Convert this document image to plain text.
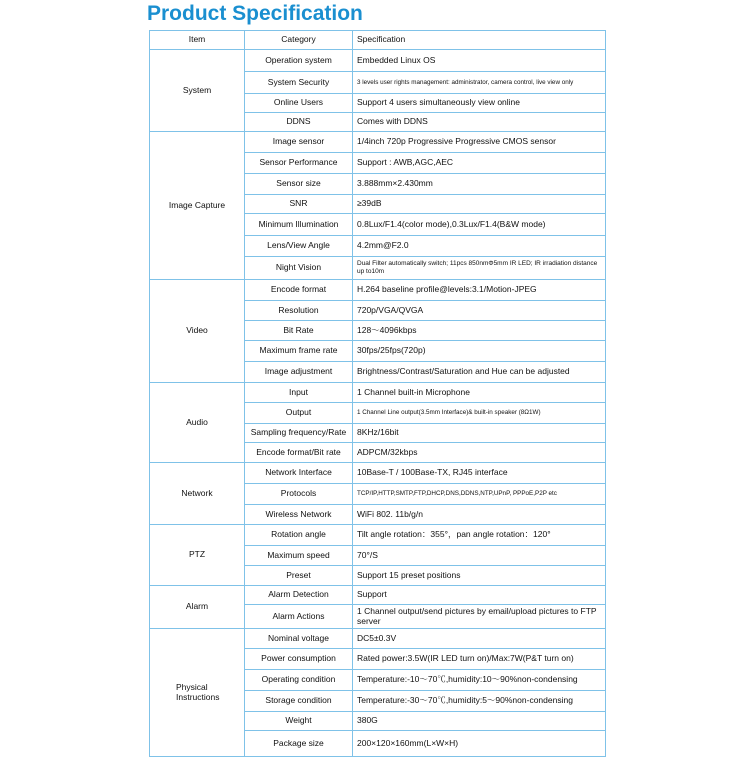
Product Specification
Item	Category	Specification
System	Operation system	Embedded Linux OS
	System Security	3 levels user rights management: administrator, camera control, live view only
	Online Users	Support 4 users simultaneously view online
	DDNS	Comes with DDNS
Image Capture	Image sensor	1/4inch 720p Progressive Progressive CMOS sensor
	Sensor Performance	Support : AWB,AGC,AEC
	Sensor size	3.888mm×2.430mm
	SNR	≥39dB
	Minimum Illumination	0.8Lux/F1.4(color mode),0.3Lux/F1.4(B&W mode)
	Lens/View Angle	4.2mm@F2.0
	Night Vision	Dual Filter automatically switch; 11pcs 850nmΦ5mm IR LED; IR irradiation distance up to10m
Video	Encode format	H.264 baseline profile@levels:3.1/Motion-JPEG
	Resolution	720p/VGA/QVGA
	Bit Rate	128～4096kbps
	Maximum frame rate	30fps/25fps(720p)
	Image adjustment	Brightness/Contrast/Saturation and Hue can be adjusted
Audio	Input	1 Channel built-in Microphone
	Output	1 Channel Line output(3.5mm Interface)& built-in speaker (8Ω1W)
	Sampling frequency/Rate	8KHz/16bit
	Encode format/Bit rate	ADPCM/32kbps
Network	Network Interface	10Base-T / 100Base-TX, RJ45 interface
	Protocols	TCP/IP,HTTP,SMTP,FTP,DHCP,DNS,DDNS,NTP,UPnP, PPPoE,P2P etc
	Wireless Network	WiFi 802. 11b/g/n
PTZ	Rotation angle	Tilt angle rotation：355°，pan angle rotation：120°
	Maximum speed	70°/S
	Preset	Support 15 preset positions
Alarm	Alarm Detection	Support
	Alarm Actions	1 Channel output/send pictures by email/upload pictures to FTP server
Physical Instructions	Nominal voltage	DC5±0.3V
	Power consumption	Rated power:3.5W(IR LED turn on)/Max:7W(P&T turn on)
	Operating condition	Temperature:-10～70℃,humidity:10～90%non-condensing
	Storage condition	Temperature:-30～70℃,humidity:5～90%non-condensing
	Weight	380G
	Package size	200×120×160mm(L×W×H)
